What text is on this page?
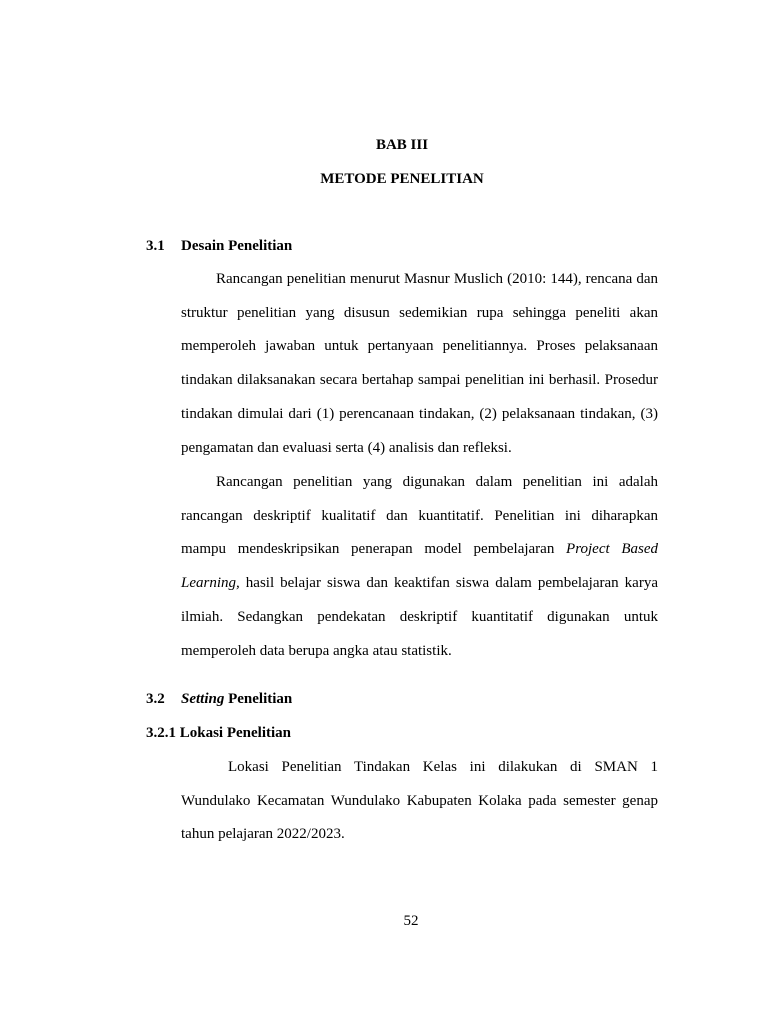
BAB III
METODE PENELITIAN
3.1 Desain Penelitian

Rancangan penelitian menurut Masnur Muslich (2010: 144), rencana dan struktur penelitian yang disusun sedemikian rupa sehingga peneliti akan memperoleh jawaban untuk pertanyaan penelitiannya. Proses pelaksanaan tindakan dilaksanakan secara bertahap sampai penelitian ini berhasil. Prosedur tindakan dimulai dari (1) perencanaan tindakan, (2) pelaksanaan tindakan, (3) pengamatan dan evaluasi serta (4) analisis dan refleksi.

Rancangan penelitian yang digunakan dalam penelitian ini adalah rancangan deskriptif kualitatif dan kuantitatif. Penelitian ini diharapkan mampu mendeskripsikan penerapan model pembelajaran Project Based Learning, hasil belajar siswa dan keaktifan siswa dalam pembelajaran karya ilmiah. Sedangkan pendekatan deskriptif kuantitatif digunakan untuk memperoleh data berupa angka atau statistik.

3.2 Setting Penelitian
3.2.1 Lokasi Penelitian

Lokasi Penelitian Tindakan Kelas ini dilakukan di SMAN 1 Wundulako Kecamatan Wundulako Kabupaten Kolaka pada semester genap tahun pelajaran 2022/2023.

52
